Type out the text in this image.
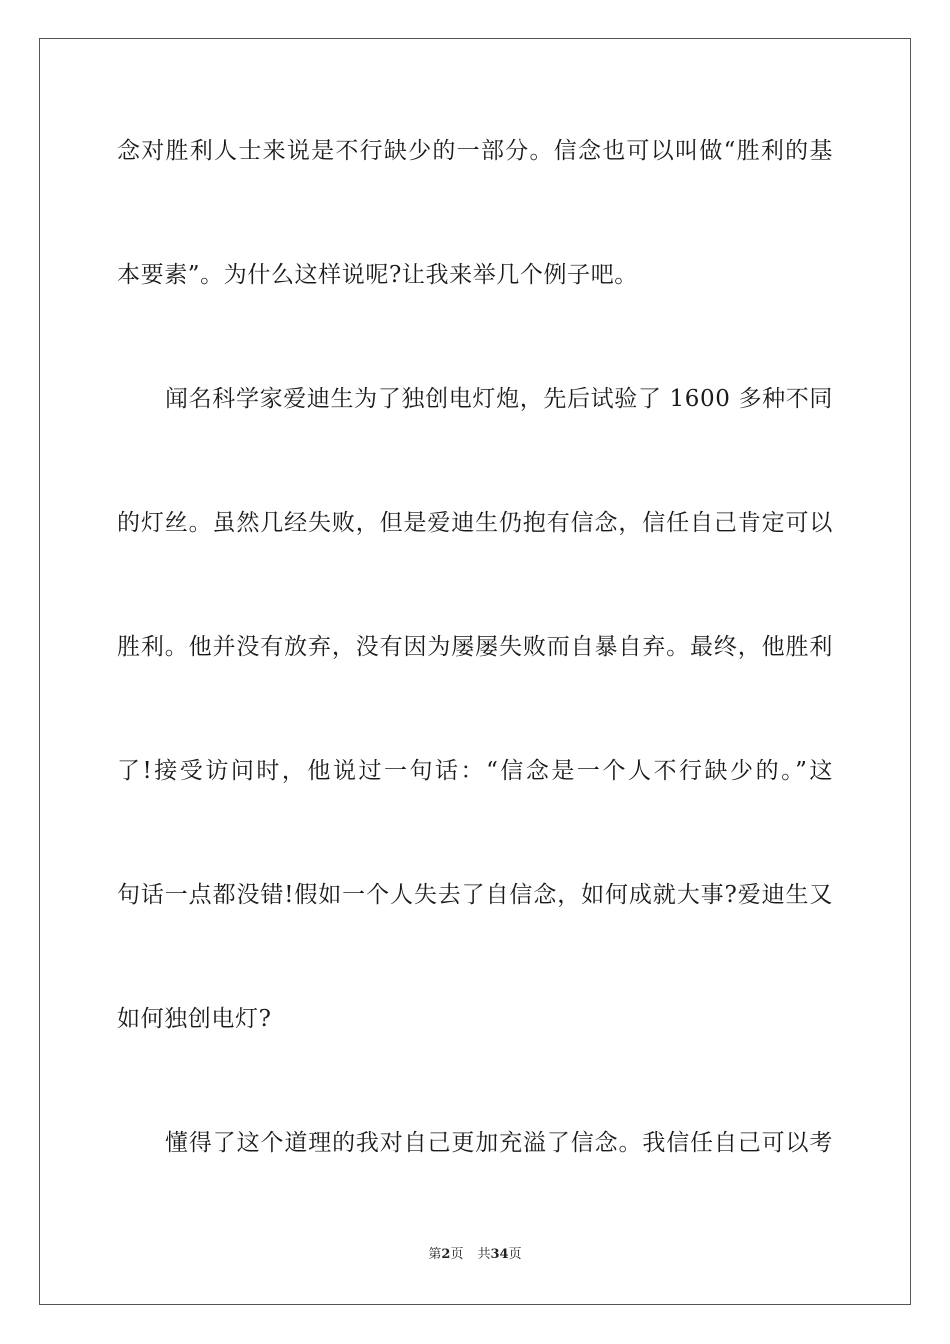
念对胜利人士来说是不行缺少的一部分。信念也可以叫做“胜利的基
本要素”。为什么这样说呢?让我来举几个例子吧。
闻名科学家爱迪生为了独创电灯炮，先后试验了 1600 多种不同
的灯丝。虽然几经失败，但是爱迪生仍抱有信念，信任自己肯定可以
胜利。他并没有放弃，没有因为屡屡失败而自暴自弃。最终，他胜利
了!接受访问时，他说过一句话：“信念是一个人不行缺少的。”这
句话一点都没错!假如一个人失去了自信念，如何成就大事?爱迪生又
如何独创电灯?
懂得了这个道理的我对自己更加充溢了信念。我信任自己可以考
第2页 共34页
